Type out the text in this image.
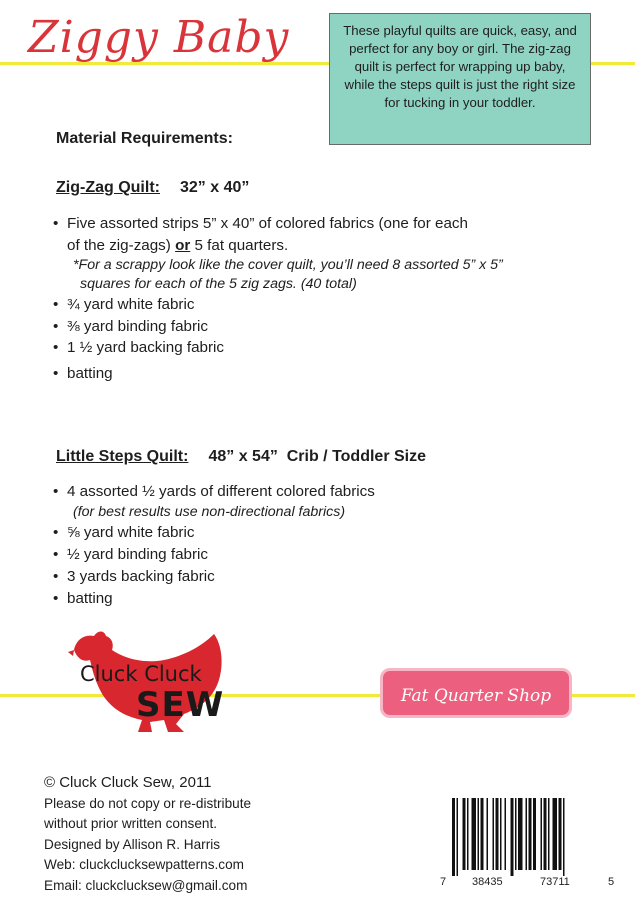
Ziggy Baby	These playful quilts are quick, easy, and perfect for any boy or girl. The zig-zag quilt is perfect for wrapping up baby, while the steps quilt is just the right size for tucking in your toddler.
Material Requirements:
Zig-Zag Quilt: 32” x 40”
• Five assorted strips 5” x 40” of colored fabrics (one for each
of the zig-zags) or 5 fat quarters.
*For a scrappy look like the cover quilt, you’ll need 8 assorted 5” x 5”
squares for each of the 5 zig zags. (40 total)
• ¾ yard white fabric
• ⅜ yard binding fabric
• 1 ½ yard backing fabric
• batting
Little Steps Quilt: 48” x 54”  Crib / Toddler Size
• 4 assorted ½ yards of different colored fabrics
(for best results use non-directional fabrics)
• ⅝ yard white fabric
• ½ yard binding fabric
• 3 yards backing fabric
• batting
Cluck Cluck
SEW	Fat Quarter Shop
© Cluck Cluck Sew, 2011
Please do not copy or re-distribute
without prior written consent.
Designed by Allison R. Harris
Web: cluckclucksewpatterns.com
Email: cluckclucksew@gmail.com	7 38435	73711	5
